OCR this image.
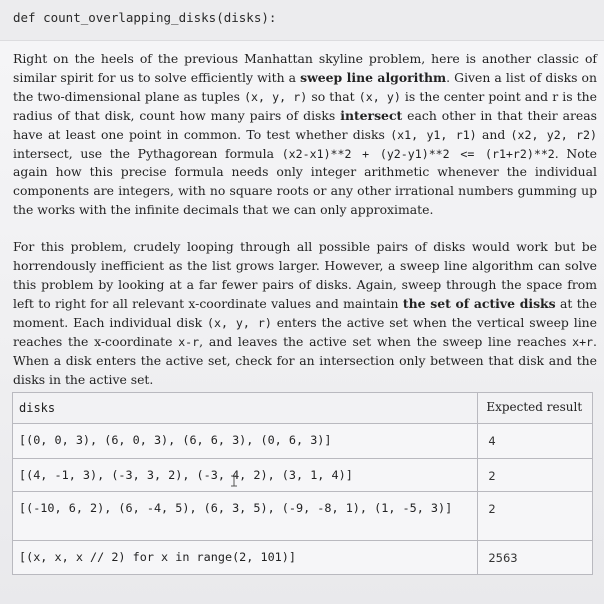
def count_overlapping_disks(disks):

Right on the heels of the previous Manhattan skyline problem, here is another classic of similar spirit for us to solve efficiently with a sweep line algorithm. Given a list of disks on the two-dimensional plane as tuples (x, y, r) so that (x, y) is the center point and r is the radius of that disk, count how many pairs of disks intersect each other in that their areas have at least one point in common. To test whether disks (x1, y1, r1) and (x2, y2, r2) intersect, use the Pythagorean formula (x2-x1)**2 + (y2-y1)**2 <= (r1+r2)**2. Note again how this precise formula needs only integer arithmetic whenever the individual components are integers, with no square roots or any other irrational numbers gumming up the works with the infinite decimals that we can only approximate.

For this problem, crudely looping through all possible pairs of disks would work but be horrendously inefficient as the list grows larger. However, a sweep line algorithm can solve this problem by looking at a far fewer pairs of disks. Again, sweep through the space from left to right for all relevant x-coordinate values and maintain the set of active disks at the moment. Each individual disk (x, y, r) enters the active set when the vertical sweep line reaches the x-coordinate x-r, and leaves the active set when the sweep line reaches x+r. When a disk enters the active set, check for an intersection only between that disk and the disks in the active set.

disks	Expected result

[(0, 0, 3), (6, 0, 3), (6, 6, 3), (0, 6, 3)]	4

[(4, -1, 3), (-3, 3, 2), (-3, 4, 2), (3, 1, 4)]	2

[(-10, 6, 2), (6, -4, 5), (6, 3, 5), (-9, -8, 1), (1, -5, 3)]	2

[(x, x, x // 2) for x in range(2, 101)]	2563
